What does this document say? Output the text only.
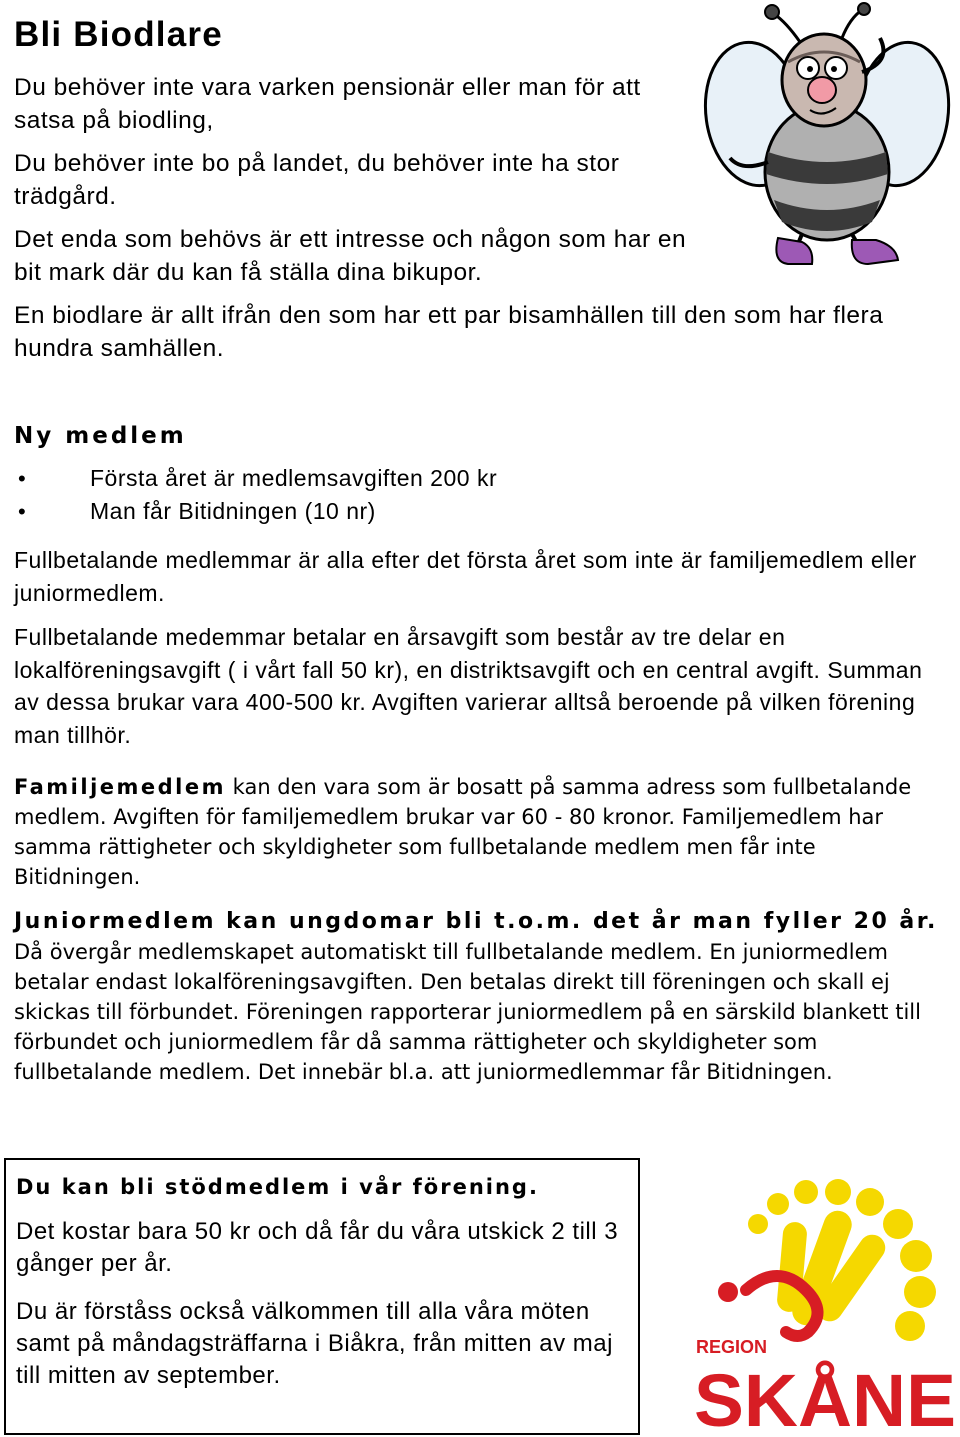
Bli Biodlare

Du behöver inte vara varken pensionär eller man för att satsa på biodling,

Du behöver inte bo på landet, du behöver inte ha stor trädgård.

Det enda som behövs är ett intresse och någon som har en bit mark där du kan få ställa dina bikupor.

En biodlare är allt ifrån den som har ett par bisamhällen till den som har flera hundra samhällen.

Ny medlem
•	Första året är medlemsavgiften 200 kr
•	Man får Bitidningen (10 nr)

Fullbetalande medlemmar är alla efter det första året som inte är familjemedlem eller juniormedlem.

Fullbetalande medemmar betalar en årsavgift som består av tre delar en lokalföreningsavgift ( i vårt fall 50 kr), en distriktsavgift och en central avgift. Summan av dessa brukar vara 400-500 kr. Avgiften varierar alltså beroende på vilken förening man tillhör.

Familjemedlem kan den vara som är bosatt på samma adress som fullbetalande medlem. Avgiften för familjemedlem brukar var 60 - 80 kronor. Familjemedlem har samma rättigheter och skyldigheter som fullbetalande medlem men får inte Bitidningen.

Juniormedlem kan ungdomar bli t.o.m. det år man fyller 20 år. Då övergår medlemskapet automatiskt till fullbetalande medlem. En juniormedlem betalar endast lokalföreningsavgiften. Den betalas direkt till föreningen och skall ej skickas till förbundet. Föreningen rapporterar juniormedlem på en särskild blankett till förbundet och juniormedlem får då samma rättigheter och skyldigheter som fullbetalande medlem. Det innebär bl.a. att juniormedlemmar får Bitidningen.

Du kan bli stödmedlem i vår förening.

Det kostar bara 50 kr och då får du våra utskick 2 till 3 gånger per år.

Du är förståss också välkommen till alla våra möten samt på måndagsträffarna i Biåkra, från mitten av maj till mitten av september.

REGION
SKÅNE
